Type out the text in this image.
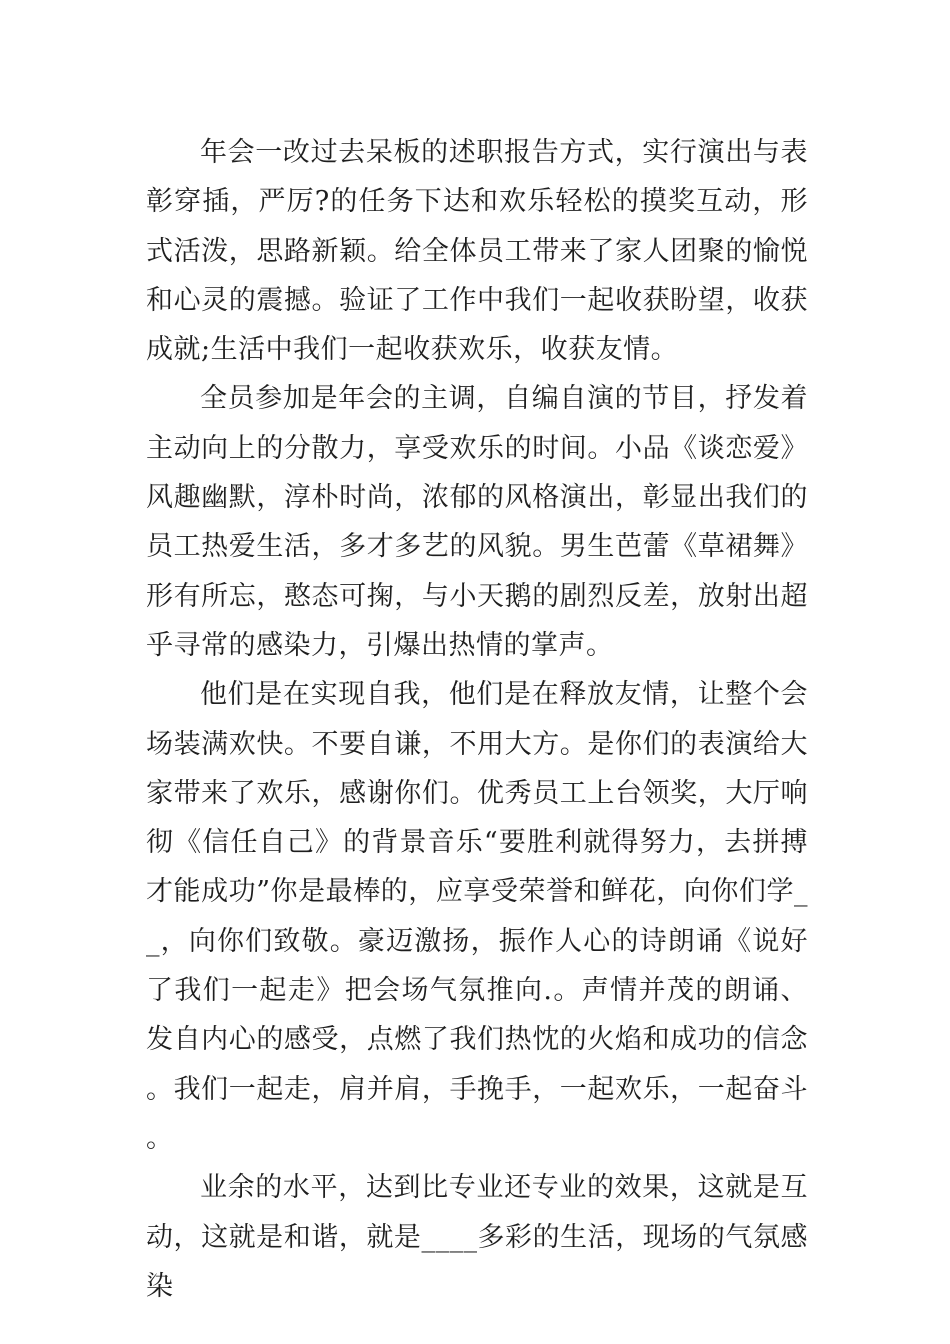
年会一改过去呆板的述职报告方式，实行演出与表彰穿插，严厉?的任务下达和欢乐轻松的摸奖互动，形式活泼，思路新颖。给全体员工带来了家人团聚的愉悦和心灵的震撼。验证了工作中我们一起收获盼望，收获成就;生活中我们一起收获欢乐，收获友情。

全员参加是年会的主调，自编自演的节目，抒发着主动向上的分散力，享受欢乐的时间。小品《谈恋爱》风趣幽默，淳朴时尚，浓郁的风格演出，彰显出我们的员工热爱生活，多才多艺的风貌。男生芭蕾《草裙舞》形有所忘，憨态可掬，与小天鹅的剧烈反差，放射出超乎寻常的感染力，引爆出热情的掌声。

他们是在实现自我，他们是在释放友情，让整个会场装满欢快。不要自谦，不用大方。是你们的表演给大家带来了欢乐，感谢你们。优秀员工上台领奖，大厅响彻《信任自己》的背景音乐“要胜利就得努力，去拼搏才能成功”你是最棒的，应享受荣誉和鲜花，向你们学__，向你们致敬。豪迈激扬，振作人心的诗朗诵《说好了我们一起走》把会场气氛推向.。声情并茂的朗诵、发自内心的感受，点燃了我们热忱的火焰和成功的信念。我们一起走，肩并肩，手挽手，一起欢乐，一起奋斗。

业余的水平，达到比专业还专业的效果，这就是互动，这就是和谐，就是____多彩的生活，现场的气氛感染
